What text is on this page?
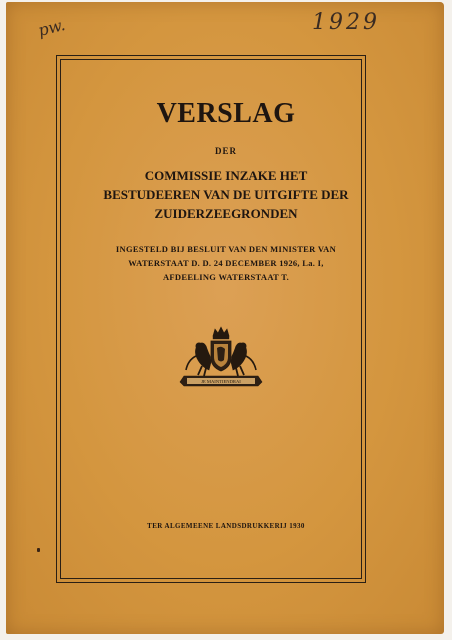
pw.	1929
VERSLAG
DER
COMMISSIE INZAKE HET
BESTUDEEREN VAN DE UITGIFTE DER
ZUIDERZEEGRONDEN
INGESTELD BIJ BESLUIT VAN DEN MINISTER VAN
WATERSTAAT D. D. 24 DECEMBER 1926, La. I,
AFDEELING WATERSTAAT T.
JE MAINTIENDRAI
TER ALGEMEENE LANDSDRUKKERIJ 1930
